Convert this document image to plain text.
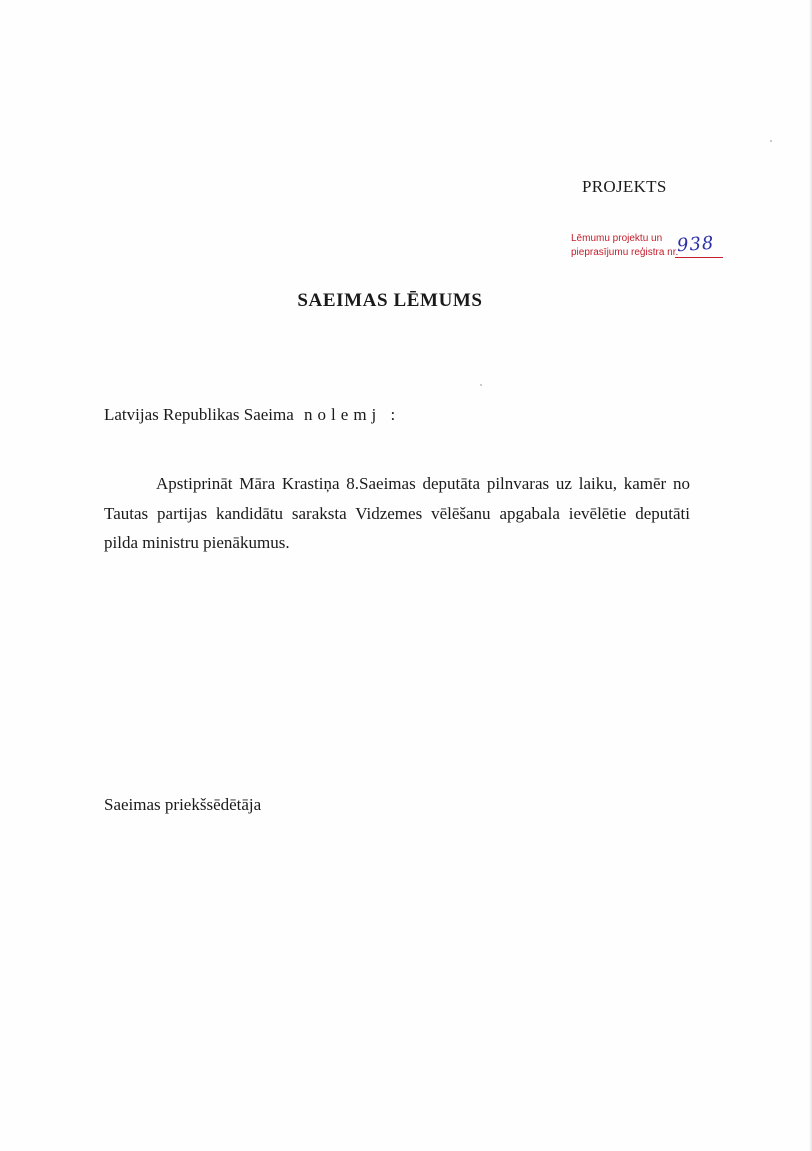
PROJEKTS
Lēmumu projektu un
pieprasījumu reģistra nr.
938
SAEIMAS LĒMUMS
Latvijas Republikas Saeima nolemj :
Apstiprināt Māra Krastiņa 8.Saeimas deputāta pilnvaras uz laiku, kamēr no Tautas partijas kandidātu saraksta Vidzemes vēlēšanu apgabala ievēlētie deputāti pilda ministru pienākumus.
Saeimas priekšsēdētāja
